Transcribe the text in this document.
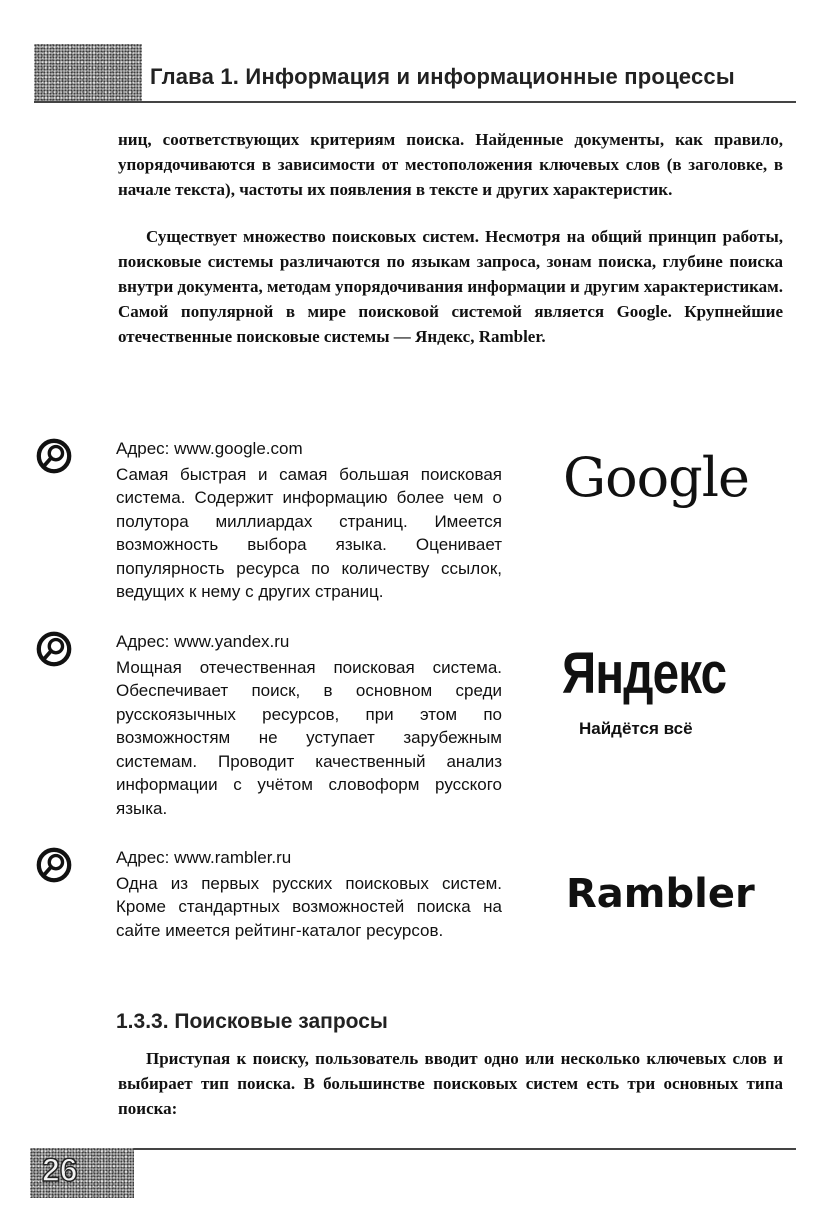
Глава 1. Информация и информационные процессы

ниц, соответствующих критериям поиска. Найденные документы, как правило, упорядочиваются в зависимости от местоположения ключевых слов (в заголовке, в начале текста), частоты их появления в тексте и других характеристик.

Существует множество поисковых систем. Несмотря на общий принцип работы, поисковые системы различаются по языкам запроса, зонам поиска, глубине поиска внутри документа, методам упорядочивания информации и другим характеристикам. Самой популярной в мире поисковой системой является Google. Крупнейшие отечественные поисковые системы — Яндекс, Rambler.

Адрес: www.google.com
Самая быстрая и самая большая поисковая система. Содержит информацию более чем о полутора миллиардах страниц. Имеется возможность выбора языка. Оценивает популярность ресурса по количеству ссылок, ведущих к нему с других страниц.
Google
Адрес: www.yandex.ru
Мощная отечественная поисковая система. Обеспечивает поиск, в основном среди русскоязычных ресурсов, при этом по возможностям не уступает зарубежным системам. Проводит качественный анализ информации с учётом словоформ русского языка.
Яндекс
Найдётся всё
Адрес: www.rambler.ru
Одна из первых русских поисковых систем. Кроме стандартных возможностей поиска на сайте имеется рейтинг-каталог ресурсов.
Rambler
1.3.3. Поисковые запросы

Приступая к поиску, пользователь вводит одно или несколько ключевых слов и выбирает тип поиска. В большинстве поисковых систем есть три основных типа поиска:

26
